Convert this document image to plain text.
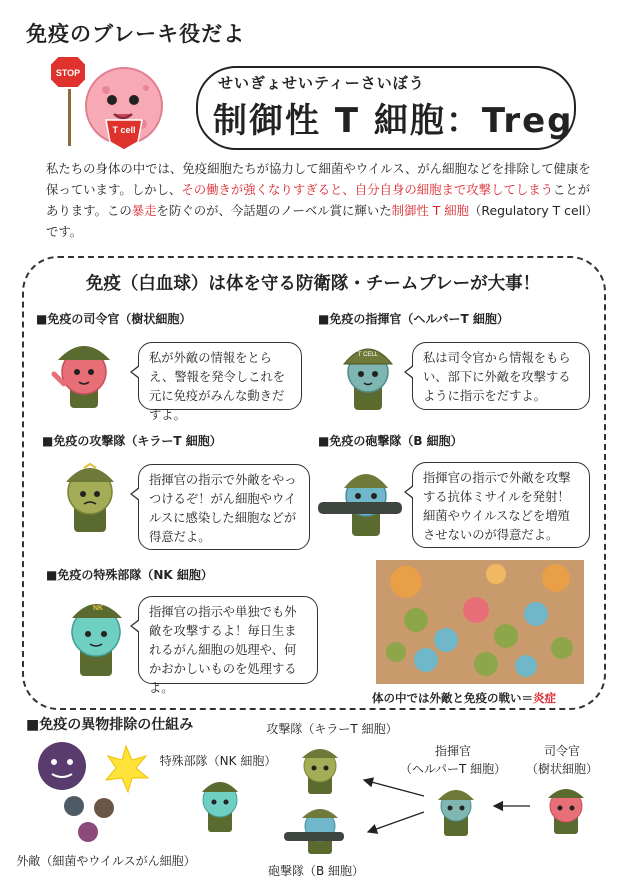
免疫のブレーキ役だよ
STOP
T cell
せいぎょせいティーさいぼう
制御性 T 細胞：Treg
私たちの身体の中では、免疫細胞たちが協力して細菌やウイルス、がん細胞などを排除して健康を保っています。しかし、その働きが強くなりすぎると、自分自身の細胞まで攻撃してしまうことがあります。この暴走を防ぐのが、今話題のノーベル賞に輝いた制御性 T 細胞（Regulatory T cell）です。
免疫（白血球）は体を守る防衛隊・チームプレーが大事！
■免疫の司令官（樹状細胞）
私が外敵の情報をとらえ、警報を発令しこれを元に免疫がみんな動きだすよ。
■免疫の指揮官（ヘルパーT 細胞）
T CELL	私は司令官から情報をもらい、部下に外敵を攻撃するように指示をだすよ。
■免疫の攻撃隊（キラーT 細胞）
指揮官の指示で外敵をやっつけるぞ！がん細胞やウイルスに感染した細胞などが得意だよ。
■免疫の砲撃隊（B 細胞）
指揮官の指示で外敵を攻撃する抗体ミサイルを発射！細菌やウイルスなどを増殖させないのが得意だよ。
■免疫の特殊部隊（NK 細胞）
NK	指揮官の指示や単独でも外敵を攻撃するよ！毎日生まれるがん細胞の処理や、何かおかしいものを処理するよ。
体の中では外敵と免疫の戦い＝炎症
■免疫の異物排除の仕組み
外敵（細菌やウイルスがん細胞）
特殊部隊（NK 細胞）
攻撃隊（キラーT 細胞）
砲撃隊（B 細胞）
指揮官
（ヘルパーT 細胞）
司令官
（樹状細胞）
